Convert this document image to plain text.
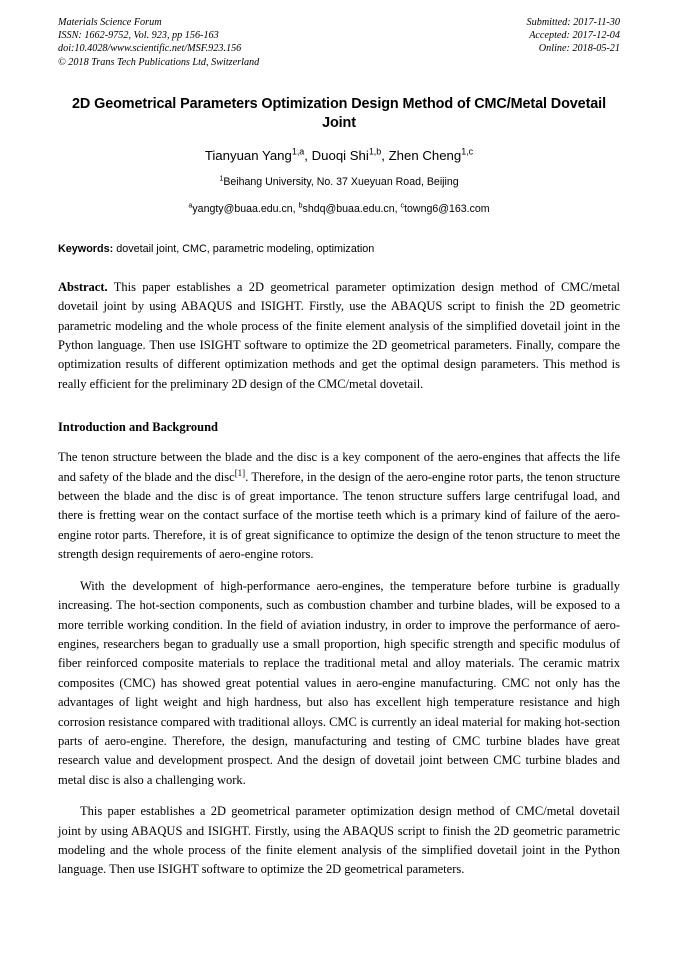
Materials Science Forum
ISSN: 1662-9752, Vol. 923, pp 156-163
doi:10.4028/www.scientific.net/MSF.923.156
© 2018 Trans Tech Publications Ltd, Switzerland
Submitted: 2017-11-30
Accepted: 2017-12-04
Online: 2018-05-21
2D Geometrical Parameters Optimization Design Method of CMC/Metal Dovetail Joint
Tianyuan Yang$^{1,a}$, Duoqi Shi$^{1,b}$, Zhen Cheng$^{1,c}$
$^1$Beihang University, No. 37 Xueyuan Road, Beijing
$^a$yangty@buaa.edu.cn, $^b$shdq@buaa.edu.cn, $^c$towng6@163.com
Keywords: dovetail joint, CMC, parametric modeling, optimization
Abstract. This paper establishes a 2D geometrical parameter optimization design method of CMC/metal dovetail joint by using ABAQUS and ISIGHT. Firstly, use the ABAQUS script to finish the 2D geometric parametric modeling and the whole process of the finite element analysis of the simplified dovetail joint in the Python language. Then use ISIGHT software to optimize the 2D geometrical parameters. Finally, compare the optimization results of different optimization methods and get the optimal design parameters. This method is really efficient for the preliminary 2D design of the CMC/metal dovetail.
Introduction and Background
The tenon structure between the blade and the disc is a key component of the aero-engines that affects the life and safety of the blade and the disc[1]. Therefore, in the design of the aero-engine rotor parts, the tenon structure between the blade and the disc is of great importance. The tenon structure suffers large centrifugal load, and there is fretting wear on the contact surface of the mortise teeth which is a primary kind of failure of the aero-engine rotor parts. Therefore, it is of great significance to optimize the design of the tenon structure to meet the strength design requirements of aero-engine rotors.
With the development of high-performance aero-engines, the temperature before turbine is gradually increasing. The hot-section components, such as combustion chamber and turbine blades, will be exposed to a more terrible working condition. In the field of aviation industry, in order to improve the performance of aero-engines, researchers began to gradually use a small proportion, high specific strength and specific modulus of fiber reinforced composite materials to replace the traditional metal and alloy materials. The ceramic matrix composites (CMC) has showed great potential values in aero-engine manufacturing. CMC not only has the advantages of light weight and high hardness, but also has excellent high temperature resistance and high corrosion resistance compared with traditional alloys. CMC is currently an ideal material for making hot-section parts of aero-engine. Therefore, the design, manufacturing and testing of CMC turbine blades have great research value and development prospect. And the design of dovetail joint between CMC turbine blades and metal disc is also a challenging work.
This paper establishes a 2D geometrical parameter optimization design method of CMC/metal dovetail joint by using ABAQUS and ISIGHT. Firstly, using the ABAQUS script to finish the 2D geometric parametric modeling and the whole process of the finite element analysis of the simplified dovetail joint in the Python language. Then use ISIGHT software to optimize the 2D geometrical parameters.
